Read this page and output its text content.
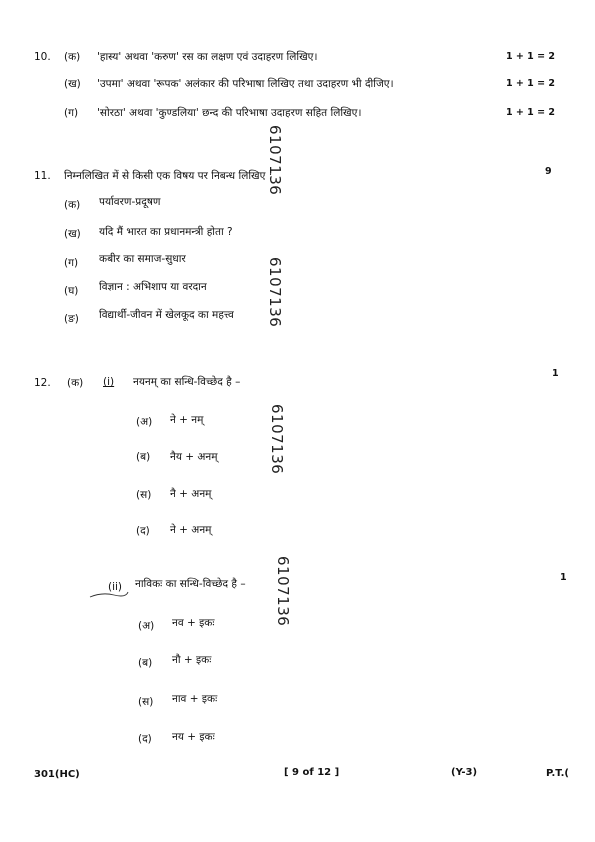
10. (क) 'हास्य' अथवा 'करुण' रस का लक्षण एवं उदाहरण लिखिए।	1 + 1 = 2
(ख) 'उपमा' अथवा 'रूपक' अलंकार की परिभाषा लिखिए तथा उदाहरण भी दीजिए।	1 + 1 = 2
(ग) 'सोरठा' अथवा 'कुण्डलिया' छन्द की परिभाषा उदाहरण सहित लिखिए।	1 + 1 = 2
11. निम्नलिखित में से किसी एक विषय पर निबन्ध लिखिए :	9
(क) पर्यावरण-प्रदूषण
(ख) यदि मैं भारत का प्रधानमन्त्री होता ?
(ग) कबीर का समाज-सुधार
(घ) विज्ञान : अभिशाप या वरदान
(ङ) विद्यार्थी-जीवन में खेलकूद का महत्त्व
12. (क) (i) नयनम् का सन्धि-विच्छेद है –
1
(अ) ने + नम्
(ब) नैय + अनम्
(स) नै + अनम्
(द) ने + अनम्
(ii) नाविकः का सन्धि-विच्छेद है –
1
(अ) नव + इकः
(ब) नौ + इकः
(स) नाव + इकः
(द) नय + इकः
6107136
6107136
6107136
6107136
301(HC)	[ 9 of 12 ]	(Y-3)	P.T.(
